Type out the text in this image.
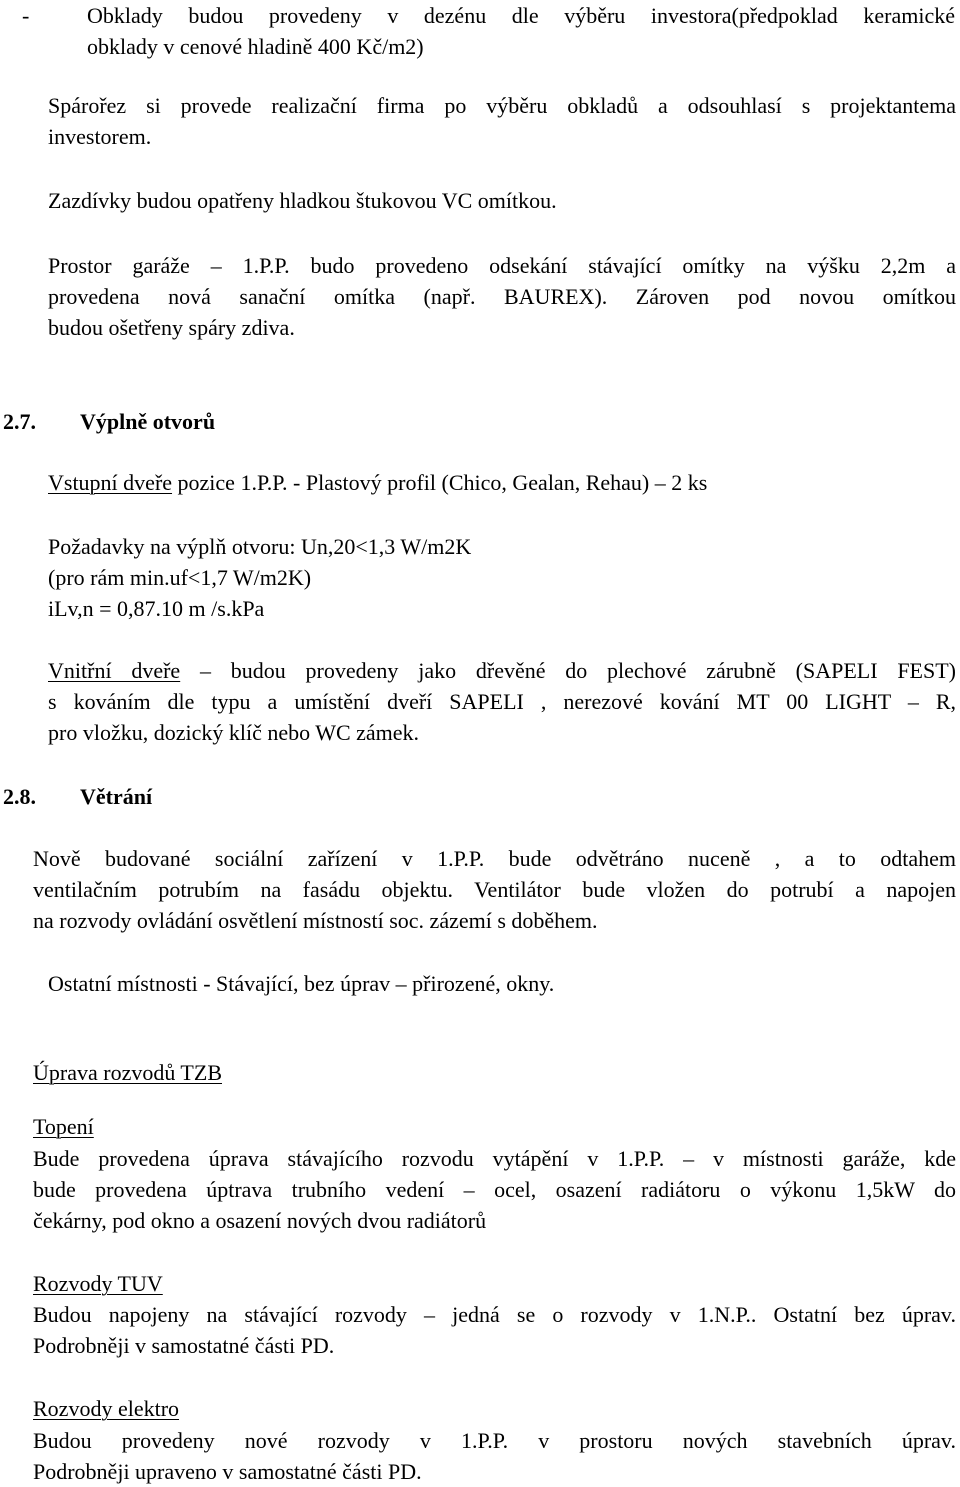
-	Obklady budou provedeny v dezénu dle výběru investora(předpoklad keramické

obklady v cenové hladině 400 Kč/m2)

Spárořez si provede realizační firma po výběru obkladů a odsouhlasí s projektantema

investorem.

Zazdívky budou opatřeny hladkou štukovou VC omítkou.

Prostor garáže – 1.P.P. budo provedeno odsekání stávající omítky na výšku 2,2m a

provedena nová sanační omítka (např. BAUREX). Zároven pod novou omítkou

budou ošetřeny spáry zdiva.

2.7. Výplně otvorů

Vstupní dveře pozice 1.P.P. - Plastový profil (Chico, Gealan, Rehau) – 2 ks

Požadavky na výplň otvoru: Un,20<1,3 W/m2K

(pro rám min.uf<1,7 W/m2K)

iLv,n = 0,87.10 m /s.kPa

Vnitřní dveře – budou provedeny jako dřevěné do plechové zárubně (SAPELI FEST)

s kováním dle typu a umístění dveří SAPELI , nerezové kování MT 00 LIGHT – R,

pro vložku, dozický klíč nebo WC zámek.

2.8. Větrání

Nově budované sociální zařízení v 1.P.P. bude odvětráno nuceně , a to odtahem

ventilačním potrubím na fasádu objektu. Ventilátor bude vložen do potrubí a napojen

na rozvody ovládání osvětlení místností soc. zázemí s doběhem.

Ostatní místnosti - Stávající, bez úprav – přirozené, okny.

Úprava rozvodů TZB

Topení

Bude provedena úprava stávajícího rozvodu vytápění v 1.P.P. – v místnosti garáže, kde

bude provedena úptrava trubního vedení – ocel, osazení radiátoru o výkonu 1,5kW do

čekárny, pod okno a osazení nových dvou radiátorů

Rozvody TUV

Budou napojeny na stávající rozvody – jedná se o rozvody v 1.N.P.. Ostatní bez úprav.

Podrobněji v samostatné části PD.

Rozvody elektro

Budou provedeny nové rozvody v 1.P.P. v prostoru nových stavebních úprav.

Podrobněji upraveno v samostatné části PD.
